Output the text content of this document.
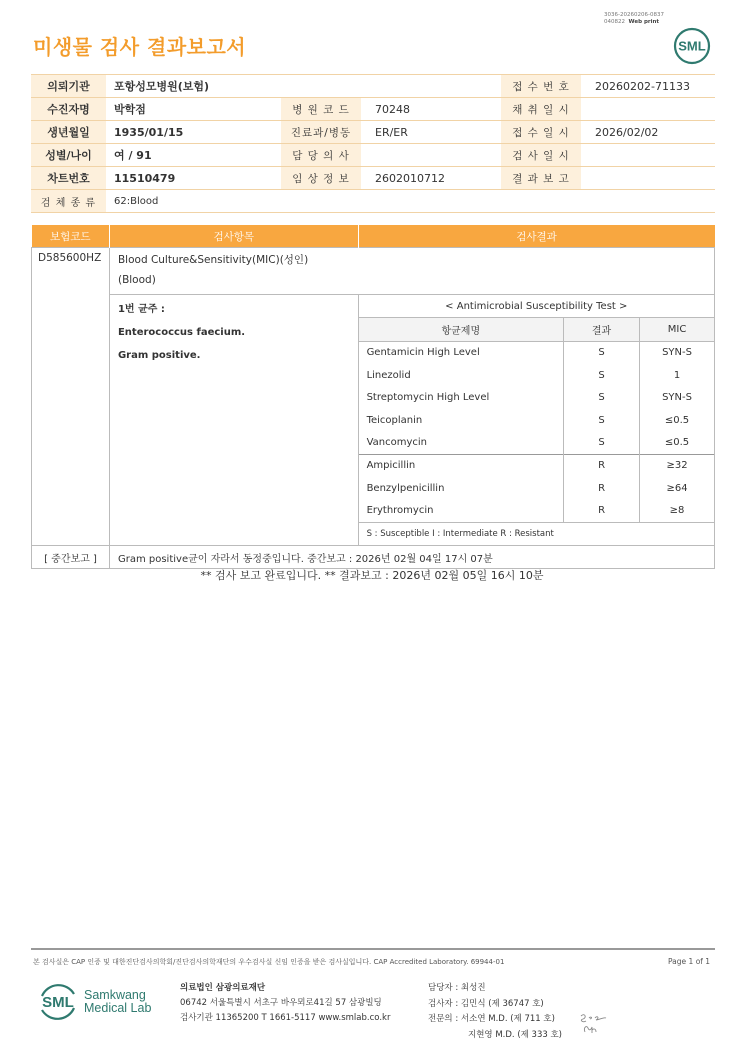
3036-20260206-0837
040822 Web print
미생물 검사 결과보고서	SML
의뢰기관	포항성모병원(보험)			접 수 번 호	20260202-71133
수진자명	박학점	병 원 코 드	70248	채 취 일 시	
생년월일	1935/01/15	진료과/병동	ER/ER	접 수 일 시	2026/02/02
성별/나이	여 / 91	담 당 의 사		검 사 일 시	
차트번호	11510479	임 상 정 보	2602010712	결 과 보 고	
검 체 종 류	62:Blood				
보험코드	검사항목	검사결과
D585600HZ	Blood Culture&Sensitivity(MIC)(성인)
(Blood)

1번 균주 :
Enterococcus faecium.
Gram positive.

< Antimicrobial Susceptibility Test >
항균제명	결과	MIC
Gentamicin High Level	S	SYN-S
Linezolid	S	1
Streptomycin High Level	S	SYN-S
Teicoplanin	S	≤0.5
Vancomycin	S	≤0.5
Ampicillin	R	≥32
Benzylpenicillin	R	≥64
Erythromycin	R	≥8
S : Susceptible I : Intermediate R : Resistant

[ 중간보고 ]	Gram positive균이 자라서 동정중입니다. 중간보고 : 2026년 02월 04일 17시 07분
** 검사 보고 완료입니다. ** 결과보고 : 2026년 02월 05일 16시 10분
본 검사실은 CAP 인증 및 대한진단검사의학회/진단검사의학재단의 우수검사실 신임 인증을 받은 검사실입니다. CAP Accredited Laboratory. 69944-01	Page 1 of 1
SML Samkwang
Medical Lab
의료법인 삼광의료재단
06742 서울특별시 서초구 바우뫼로41길 57 삼광빌딩
검사기관 11365200 T 1661-5117 www.smlab.co.kr
담당자 : 최성진
검사자 : 김민식 (제 36747 호)
전문의 : 서소연 M.D. (제 711 호)
지현영 M.D. (제 333 호)
